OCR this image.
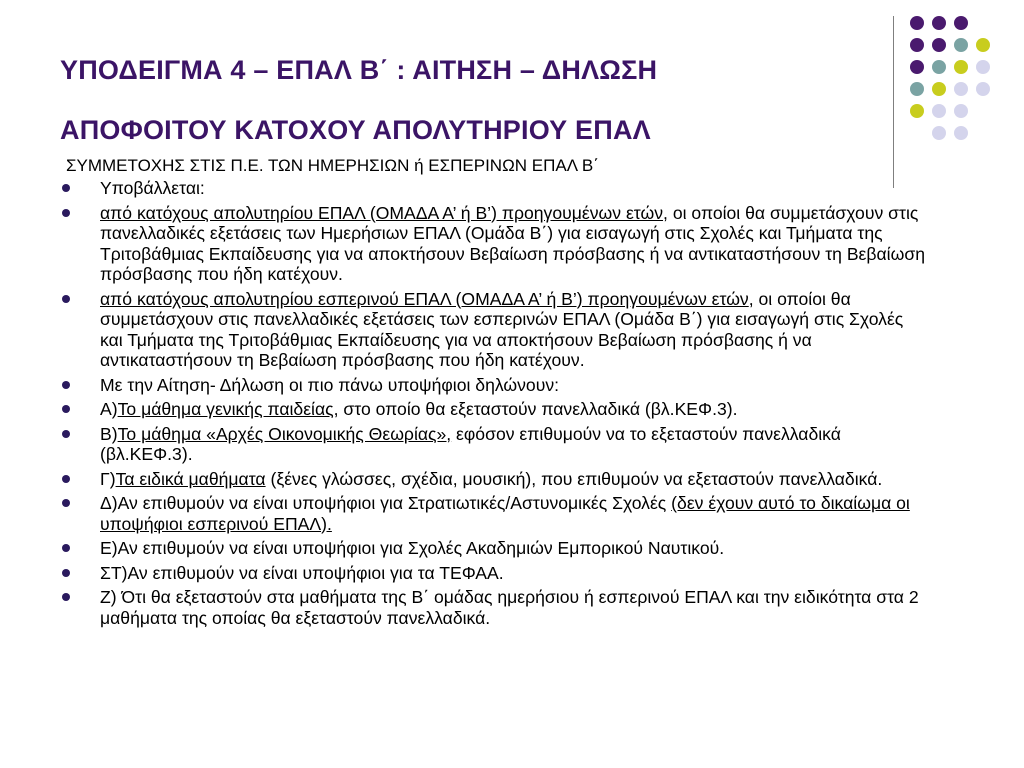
ΥΠΟΔΕΙΓΜΑ 4 – ΕΠΑΛ Β΄ : ΑΙΤΗΣΗ – ΔΗΛΩΣΗ
ΑΠΟΦΟΙΤΟΥ ΚΑΤΟΧΟΥ ΑΠΟΛΥΤΗΡΙΟΥ ΕΠΑΛ
ΣΥΜΜΕΤΟΧΗΣ ΣΤΙΣ Π.Ε. ΤΩΝ ΗΜΕΡΗΣΙΩΝ ή ΕΣΠΕΡΙΝΩΝ ΕΠΑΛ Β΄
Υποβάλλεται:
από κατόχους απολυτηρίου ΕΠΑΛ (ΟΜΑΔΑ Α’ ή Β’) προηγουμένων ετών, οι οποίοι θα συμμετάσχουν στις πανελλαδικές εξετάσεις των Ημερήσιων ΕΠΑΛ (Ομάδα Β΄) για εισαγωγή στις Σχολές και Τμήματα της Τριτοβάθμιας Εκπαίδευσης για να αποκτήσουν Βεβαίωση πρόσβασης ή να αντικαταστήσουν τη Βεβαίωση πρόσβασης που ήδη κατέχουν.
από κατόχους απολυτηρίου εσπερινού ΕΠΑΛ (ΟΜΑΔΑ Α’ ή Β’) προηγουμένων ετών, οι οποίοι θα συμμετάσχουν στις πανελλαδικές εξετάσεις των εσπερινών ΕΠΑΛ (Ομάδα Β΄) για εισαγωγή στις Σχολές και Τμήματα της Τριτοβάθμιας Εκπαίδευσης για να αποκτήσουν Βεβαίωση πρόσβασης ή να αντικαταστήσουν τη Βεβαίωση πρόσβασης που ήδη κατέχουν.
Με την Αίτηση- Δήλωση οι πιο πάνω υποψήφιοι δηλώνουν:
Α)Το μάθημα γενικής παιδείας, στο οποίο θα εξεταστούν πανελλαδικά (βλ.ΚΕΦ.3).
Β)Το μάθημα «Αρχές Οικονομικής Θεωρίας», εφόσον επιθυμούν να το εξεταστούν πανελλαδικά (βλ.ΚΕΦ.3).
Γ)Τα ειδικά μαθήματα (ξένες γλώσσες, σχέδια, μουσική), που επιθυμούν να εξεταστούν πανελλαδικά.
Δ)Αν επιθυμούν να είναι υποψήφιοι για Στρατιωτικές/Αστυνομικές Σχολές (δεν έχουν αυτό το δικαίωμα οι υποψήφιοι εσπερινού ΕΠΑΛ).
Ε)Αν επιθυμούν να είναι υποψήφιοι για Σχολές Ακαδημιών Εμπορικού Ναυτικού.
ΣΤ)Αν επιθυμούν να είναι υποψήφιοι για τα ΤΕΦΑΑ.
Ζ) Ότι θα εξεταστούν στα μαθήματα της Β΄ ομάδας ημερήσιου ή εσπερινού ΕΠΑΛ και την ειδικότητα στα 2 μαθήματα της οποίας θα εξεταστούν πανελλαδικά.
